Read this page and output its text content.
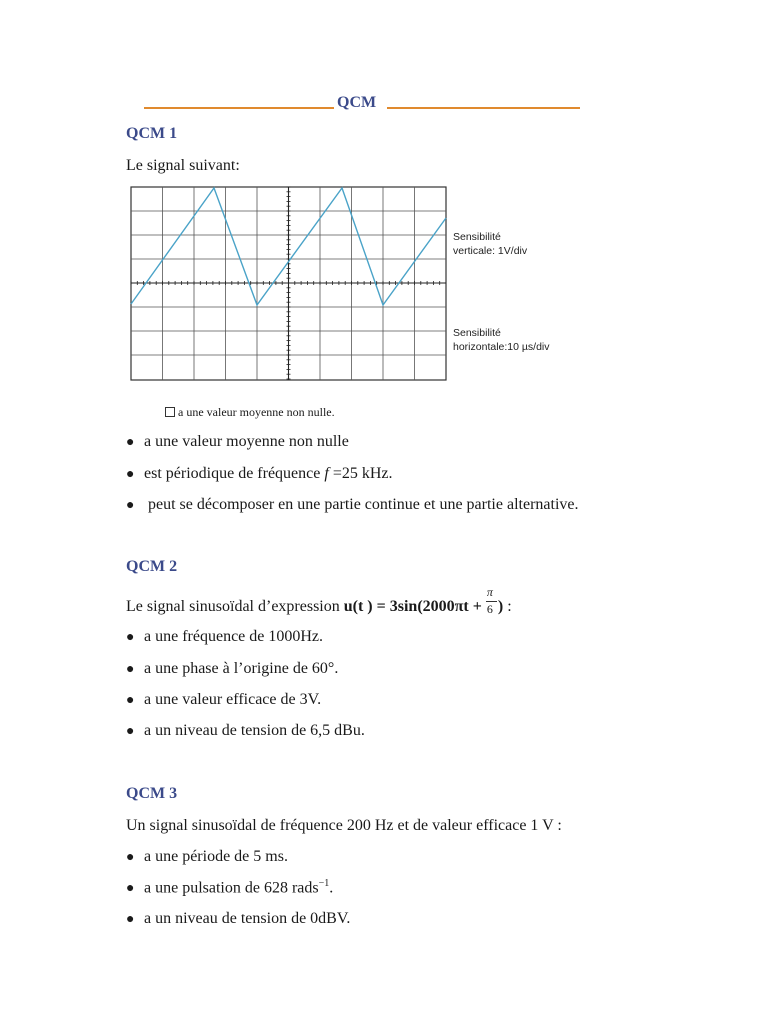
QCM
QCM 1
Le signal suivant:
Sensibilité
verticale: 1V/div
Sensibilité
horizontale:10 µs/div
a une valeur moyenne non nulle.
● a une valeur moyenne non nulle
● est périodique de fréquence f =25 kHz.
● peut se décomposer en une partie continue et une partie alternative.
QCM 2
Le signal sinusoïdal d’expression u(t ) = $3\sin(2000\pi t + \frac{\pi}{6}$ ) :
● a une fréquence de 1000Hz.
● a une phase à l’origine de 60°.
● a une valeur efficace de 3V.
● a un niveau de tension de 6,5 dBu.
QCM 3
Un signal sinusoïdal de fréquence 200 Hz et de valeur efficace 1 V :
● a une période de 5 ms.
● a une pulsation de 628 rads$^{-1}$.
● a un niveau de tension de 0dBV.
